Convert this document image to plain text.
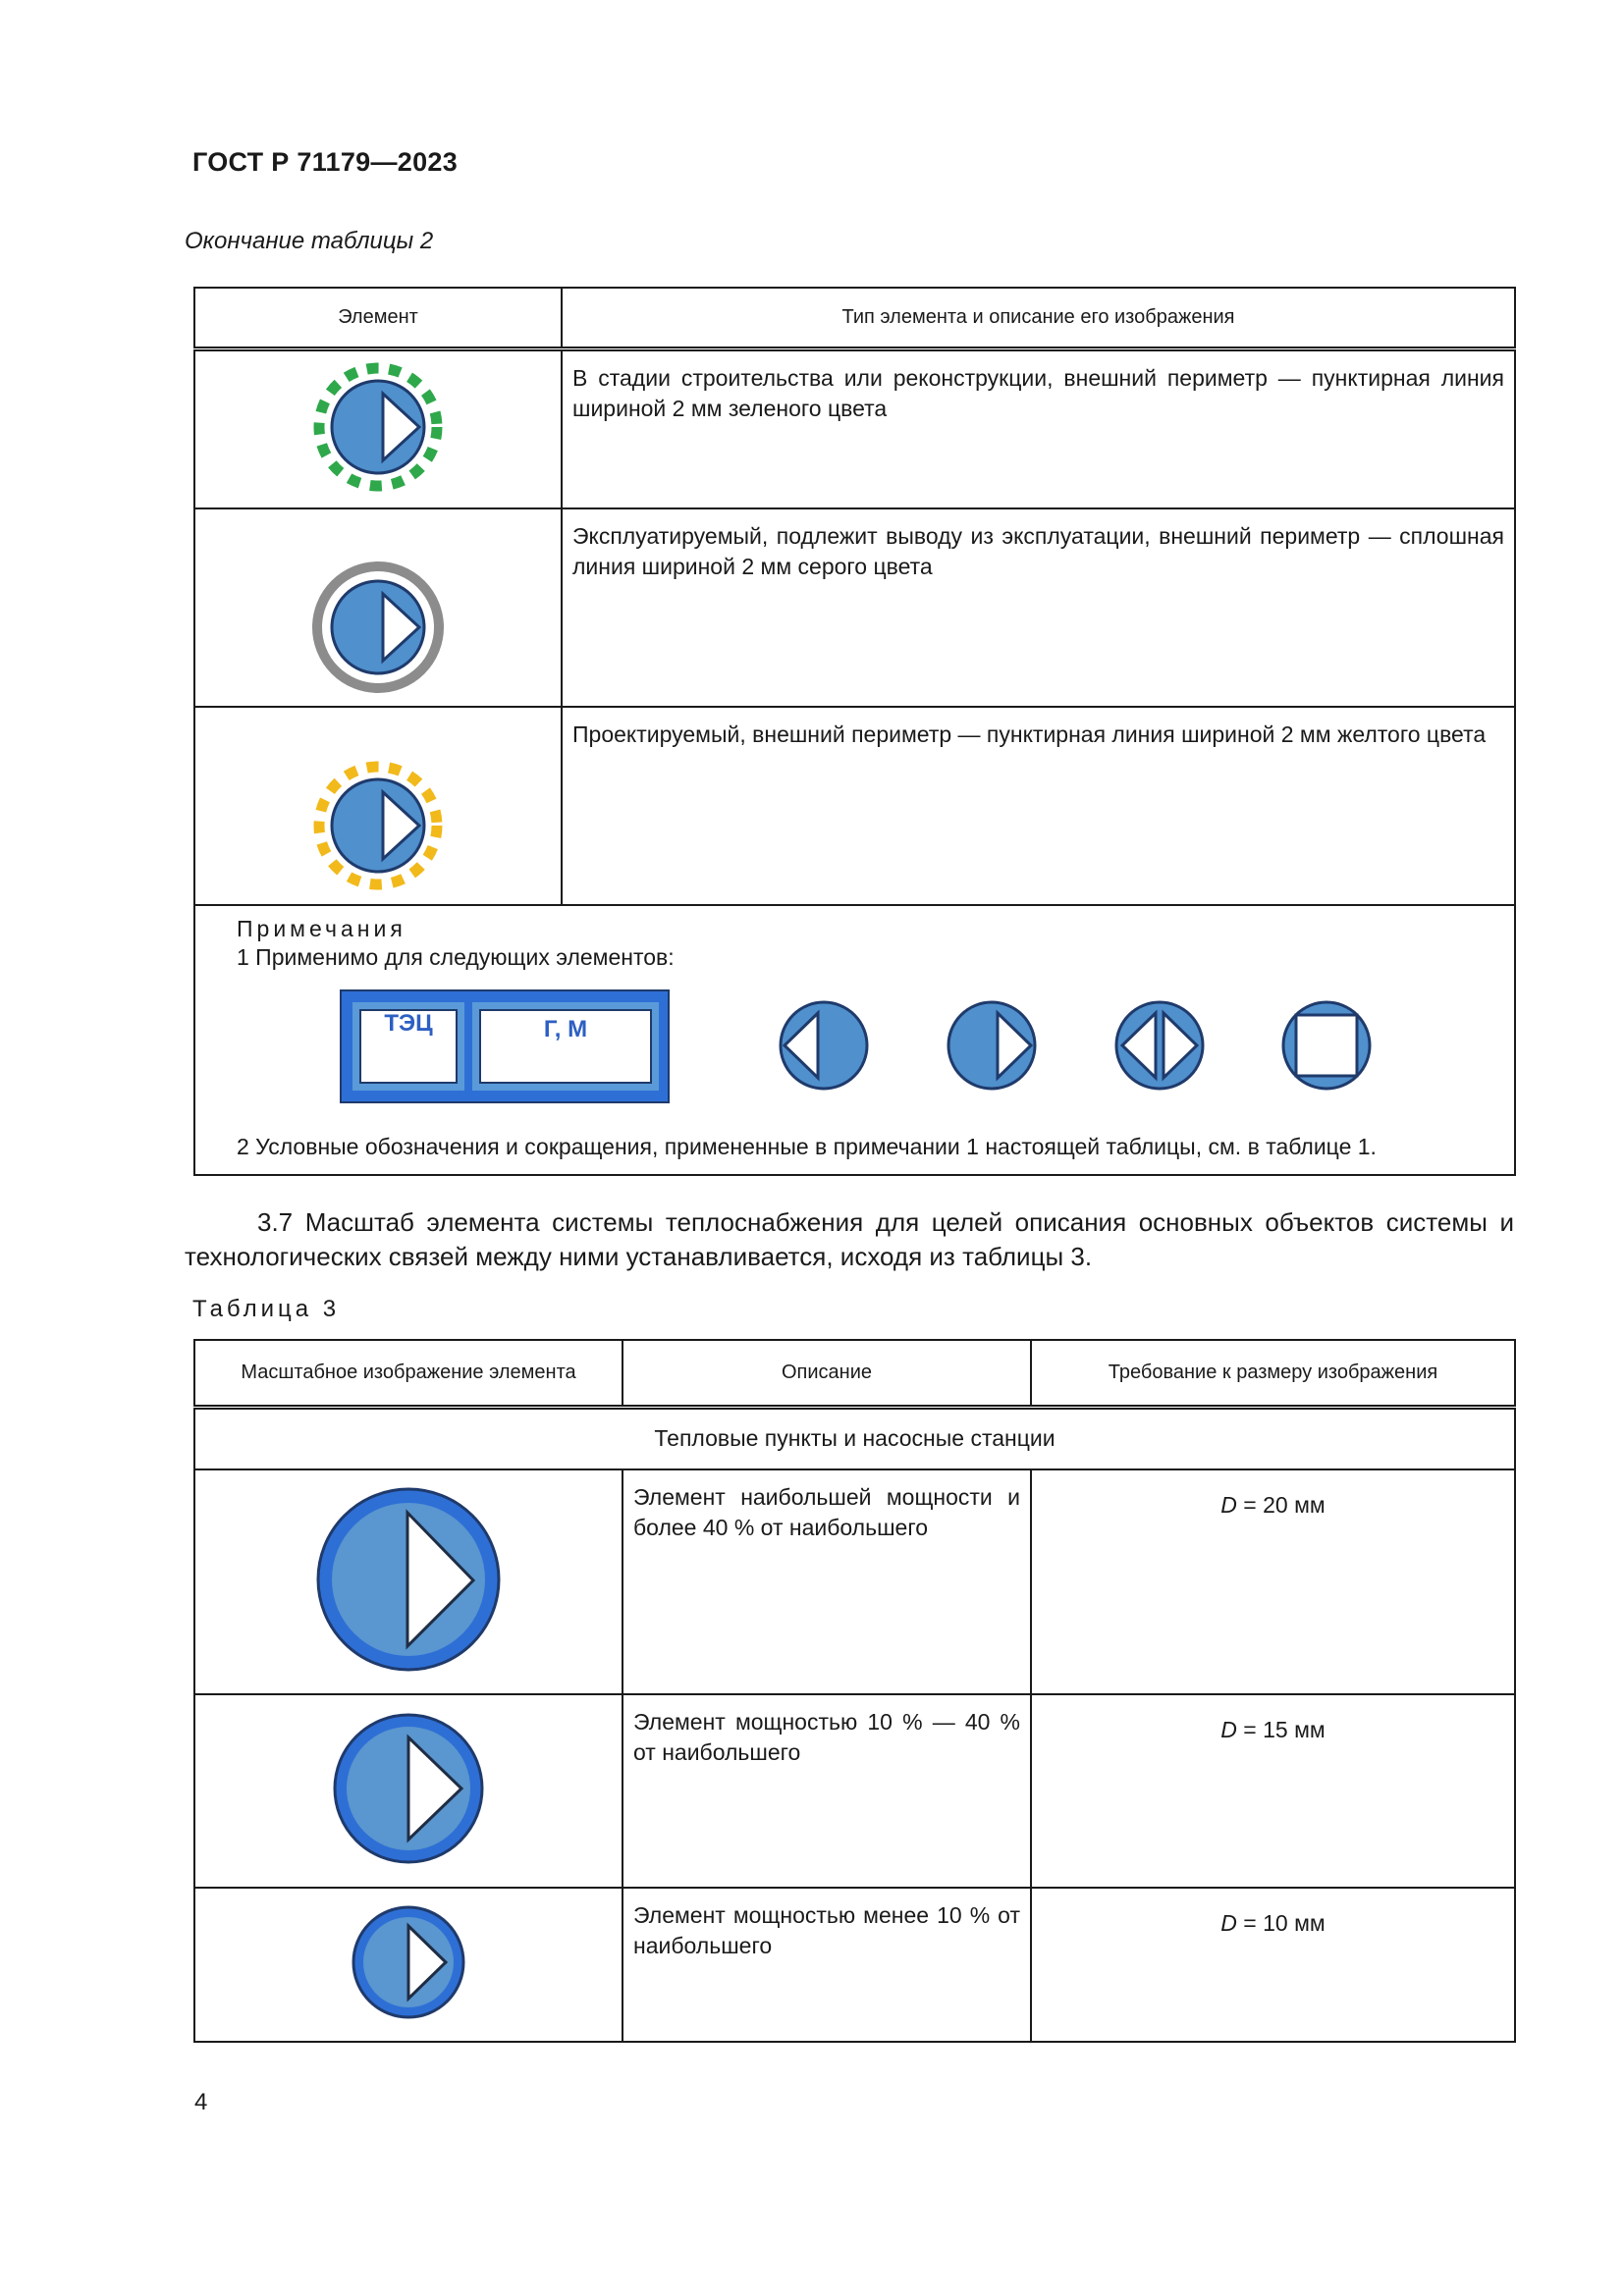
ГОСТ Р 71179—2023
Окончание таблицы 2
Элемент	Тип элемента и описание его изображения
	В стадии строительства или реконструкции, внешний периметр — пунктирная линия шириной 2 мм зеленого цвета
	Эксплуатируемый, подлежит выводу из эксплуатации, внешний периметр — сплошная линия шириной 2 мм серого цвета
	Проектируемый, внешний периметр — пунктирная линия шириной 2 мм желтого цвета

Примечания
1 Применимо для следующих элементов:
ТЭЦ Г, М
2 Условные обозначения и сокращения, примененные в примечании 1 настоящей таблицы, см. в таблице 1.	
3.7 Масштаб элемента системы теплоснабжения для целей описания основных объектов системы и технологических связей между ними устанавливается, исходя из таблицы 3.
Таблица 3
Масштабное изображение элемента	Описание	Требование к размеру изображения
Тепловые пункты и насосные станции		
	Элемент наибольшей мощности и более 40 % от наибольшего	D = 20 мм
	Элемент мощностью 10 % — 40 % от наибольшего	D = 15 мм
	Элемент мощностью менее 10 % от наибольшего	D = 10 мм
4
